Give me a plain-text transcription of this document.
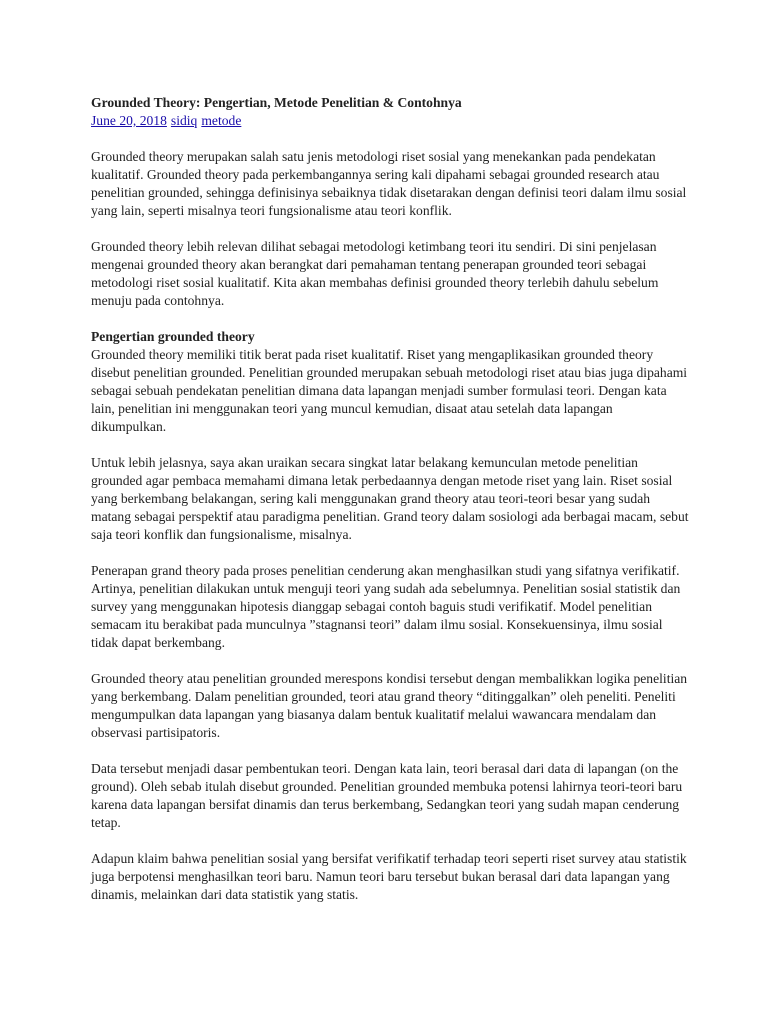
Grounded Theory: Pengertian, Metode Penelitian & Contohnya
June 20, 2018 sidiq metode

Grounded theory merupakan salah satu jenis metodologi riset sosial yang menekankan pada pendekatan kualitatif. Grounded theory pada perkembangannya sering kali dipahami sebagai grounded research atau penelitian grounded, sehingga definisinya sebaiknya tidak disetarakan dengan definisi teori dalam ilmu sosial yang lain, seperti misalnya teori fungsionalisme atau teori konflik.

Grounded theory lebih relevan dilihat sebagai metodologi ketimbang teori itu sendiri. Di sini penjelasan mengenai grounded theory akan berangkat dari pemahaman tentang penerapan grounded teori sebagai metodologi riset sosial kualitatif. Kita akan membahas definisi grounded theory terlebih dahulu sebelum menuju pada contohnya.

Pengertian grounded theory

Grounded theory memiliki titik berat pada riset kualitatif. Riset yang mengaplikasikan grounded theory disebut penelitian grounded. Penelitian grounded merupakan sebuah metodologi riset atau bias juga dipahami sebagai sebuah pendekatan penelitian dimana data lapangan menjadi sumber formulasi teori. Dengan kata lain, penelitian ini menggunakan teori yang muncul kemudian, disaat atau setelah data lapangan dikumpulkan.

Untuk lebih jelasnya, saya akan uraikan secara singkat latar belakang kemunculan metode penelitian grounded agar pembaca memahami dimana letak perbedaannya dengan metode riset yang lain. Riset sosial yang berkembang belakangan, sering kali menggunakan grand theory atau teori-teori besar yang sudah matang sebagai perspektif atau paradigma penelitian. Grand teory dalam sosiologi ada berbagai macam, sebut saja teori konflik dan fungsionalisme, misalnya.

Penerapan grand theory pada proses penelitian cenderung akan menghasilkan studi yang sifatnya verifikatif. Artinya, penelitian dilakukan untuk menguji teori yang sudah ada sebelumnya. Penelitian sosial statistik dan survey yang menggunakan hipotesis dianggap sebagai contoh baguis studi verifikatif. Model penelitian semacam itu berakibat pada munculnya ”stagnansi teori” dalam ilmu sosial. Konsekuensinya, ilmu sosial tidak dapat berkembang.

Grounded theory atau penelitian grounded merespons kondisi tersebut dengan membalikkan logika penelitian yang berkembang. Dalam penelitian grounded, teori atau grand theory “ditinggalkan” oleh peneliti. Peneliti mengumpulkan data lapangan yang biasanya dalam bentuk kualitatif melalui wawancara mendalam dan observasi partisipatoris.

Data tersebut menjadi dasar pembentukan teori. Dengan kata lain, teori berasal dari data di lapangan (on the ground). Oleh sebab itulah disebut grounded. Penelitian grounded membuka potensi lahirnya teori-teori baru karena data lapangan bersifat dinamis dan terus berkembang, Sedangkan teori yang sudah mapan cenderung tetap.

Adapun klaim bahwa penelitian sosial yang bersifat verifikatif terhadap teori seperti riset survey atau statistik juga berpotensi menghasilkan teori baru. Namun teori baru tersebut bukan berasal dari data lapangan yang dinamis, melainkan dari data statistik yang statis.
